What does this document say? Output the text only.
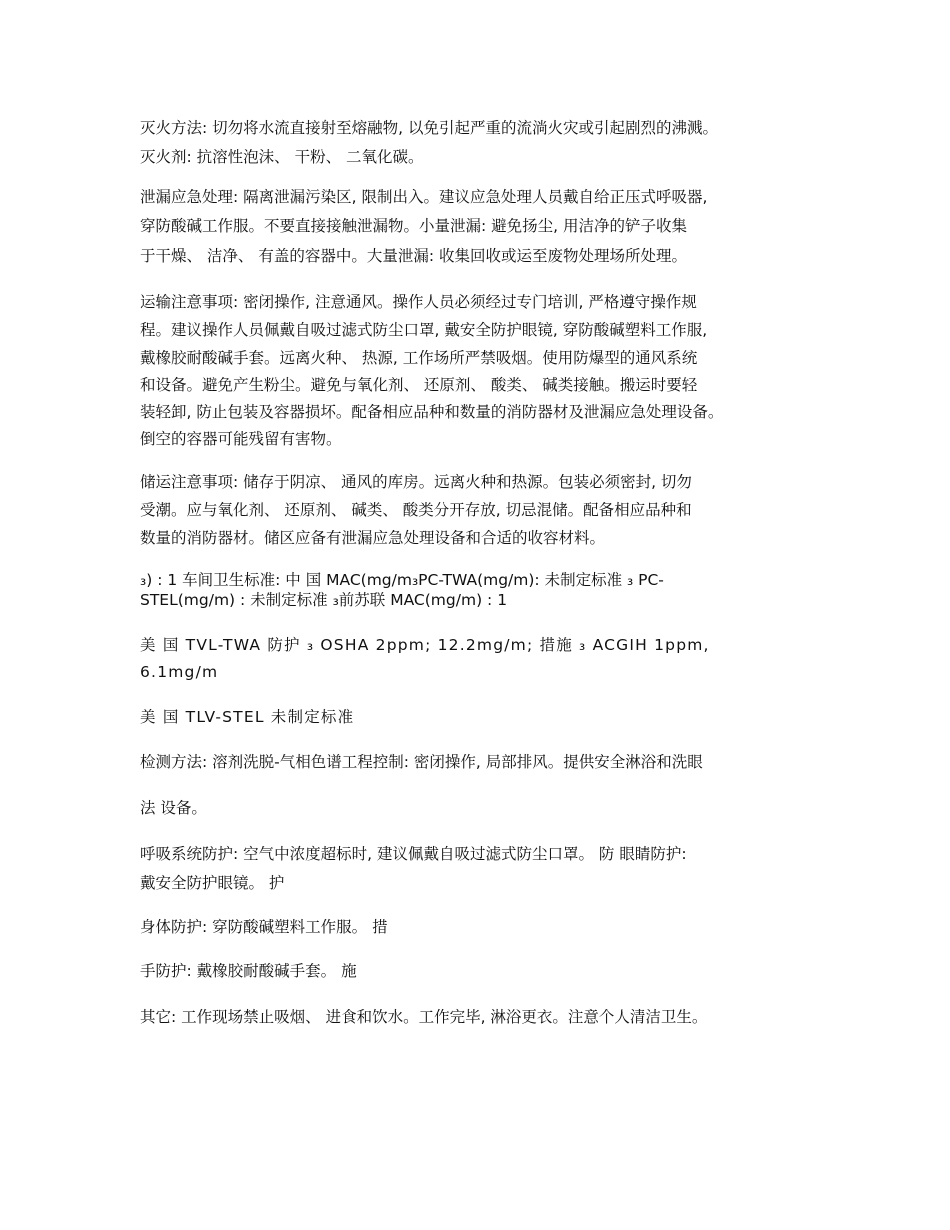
灭火方法: 切勿将水流直接射至熔融物, 以免引起严重的流淌火灾或引起剧烈的沸溅。
灭火剂: 抗溶性泡沫、 干粉、 二氧化碳。
泄漏应急处理: 隔离泄漏污染区, 限制出入。建议应急处理人员戴自给正压式呼吸器,
穿防酸碱工作服。不要直接接触泄漏物。小量泄漏: 避免扬尘, 用洁净的铲子收集
于干燥、 洁净、 有盖的容器中。大量泄漏: 收集回收或运至废物处理场所处理。
运输注意事项: 密闭操作, 注意通风。操作人员必须经过专门培训, 严格遵守操作规
程。建议操作人员佩戴自吸过滤式防尘口罩, 戴安全防护眼镜, 穿防酸碱塑料工作服,
戴橡胶耐酸碱手套。远离火种、 热源, 工作场所严禁吸烟。使用防爆型的通风系统
和设备。避免产生粉尘。避免与氧化剂、 还原剂、 酸类、 碱类接触。搬运时要轻
装轻卸, 防止包装及容器损坏。配备相应品种和数量的消防器材及泄漏应急处理设备。
倒空的容器可能残留有害物。
储运注意事项: 储存于阴凉、 通风的库房。远离火种和热源。包装必须密封, 切勿
受潮。应与氧化剂、 还原剂、 碱类、 酸类分开存放, 切忌混储。配备相应品种和
数量的消防器材。储区应备有泄漏应急处理设备和合适的收容材料。
₃) : 1 车间卫生标准: 中 国 MAC(mg/m₃PC-TWA(mg/m): 未制定标准 ₃ PC-
STEL(mg/m) : 未制定标准 ₃前苏联 MAC(mg/m) : 1
美 国 TVL-TWA 防护 ₃ OSHA 2ppm; 12.2mg/m; 措施 ₃ ACGIH 1ppm,
6.1mg/m
美 国 TLV-STEL 未制定标准
检测方法: 溶剂洗脱-气相色谱工程控制: 密闭操作, 局部排风。提供安全淋浴和洗眼
法 设备。
呼吸系统防护: 空气中浓度超标时, 建议佩戴自吸过滤式防尘口罩。 防 眼睛防护:
戴安全防护眼镜。 护
身体防护: 穿防酸碱塑料工作服。 措
手防护: 戴橡胶耐酸碱手套。 施
其它: 工作现场禁止吸烟、 进食和饮水。工作完毕, 淋浴更衣。注意个人清洁卫生。
